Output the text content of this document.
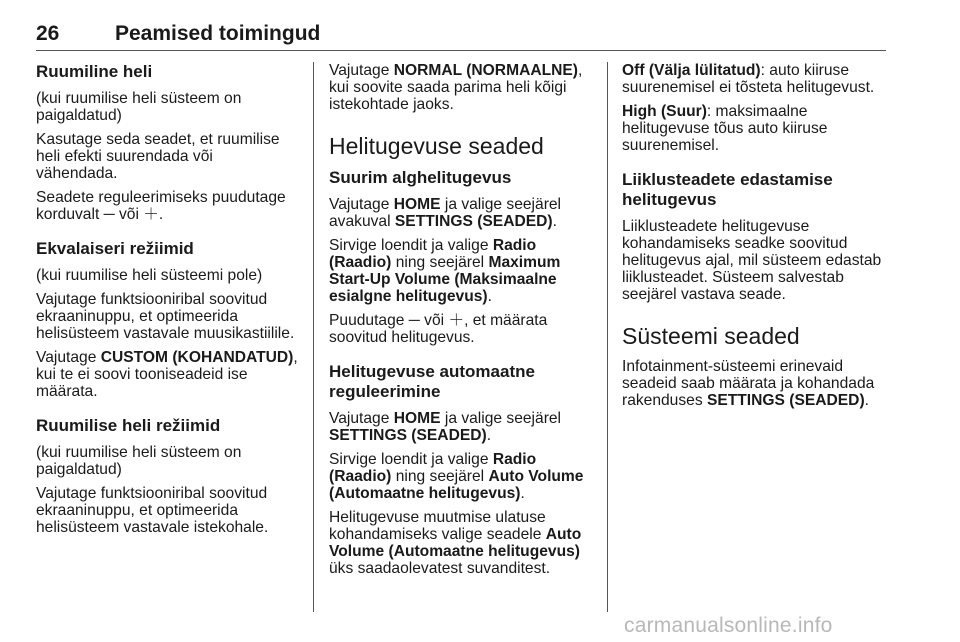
26	Peamised toimingud
Ruumiline heli

(kui ruumilise heli süsteem on paigaldatud)

Kasutage seda seadet, et ruumilise heli efekti suurendada või vähendada.

Seadete reguleerimiseks puudutage korduvalt ─ või ＋.

Ekvalaiseri režiimid

(kui ruumilise heli süsteemi pole)

Vajutage funktsiooniribal soovitud ekraaninuppu, et optimeerida helisüsteem vastavale muusikastiilile.

Vajutage CUSTOM (KOHANDATUD), kui te ei soovi tooniseadeid ise määrata.

Ruumilise heli režiimid

(kui ruumilise heli süsteem on paigaldatud)

Vajutage funktsiooniribal soovitud ekraaninuppu, et optimeerida helisüsteem vastavale istekohale.

Vajutage NORMAL (NORMAALNE), kui soovite saada parima heli kõigi istekohtade jaoks.

Helitugevuse seaded
Suurim alghelitugevus

Vajutage HOME ja valige seejärel avakuval SETTINGS (SEADED).

Sirvige loendit ja valige Radio (Raadio) ning seejärel Maximum Start-Up Volume (Maksimaalne esialgne helitugevus).

Puudutage ─ või ＋, et määrata soovitud helitugevus.

Helitugevuse automaatne reguleerimine

Vajutage HOME ja valige seejärel SETTINGS (SEADED).

Sirvige loendit ja valige Radio (Raadio) ning seejärel Auto Volume (Automaatne helitugevus).

Helitugevuse muutmise ulatuse kohandamiseks valige seadele Auto Volume (Automaatne helitugevus) üks saadaolevatest suvanditest.

Off (Välja lülitatud): auto kiiruse suurenemisel ei tõsteta helitugevust.

High (Suur): maksimaalne helitugevuse tõus auto kiiruse suurenemisel.

Liiklusteadete edastamise helitugevus

Liiklusteadete helitugevuse kohandamiseks seadke soovitud helitugevus ajal, mil süsteem edastab liiklusteadet. Süsteem salvestab seejärel vastava seade.

Süsteemi seaded

Infotainment-süsteemi erinevaid seadeid saab määrata ja kohandada rakenduses SETTINGS (SEADED).

carmanualsonline.info
